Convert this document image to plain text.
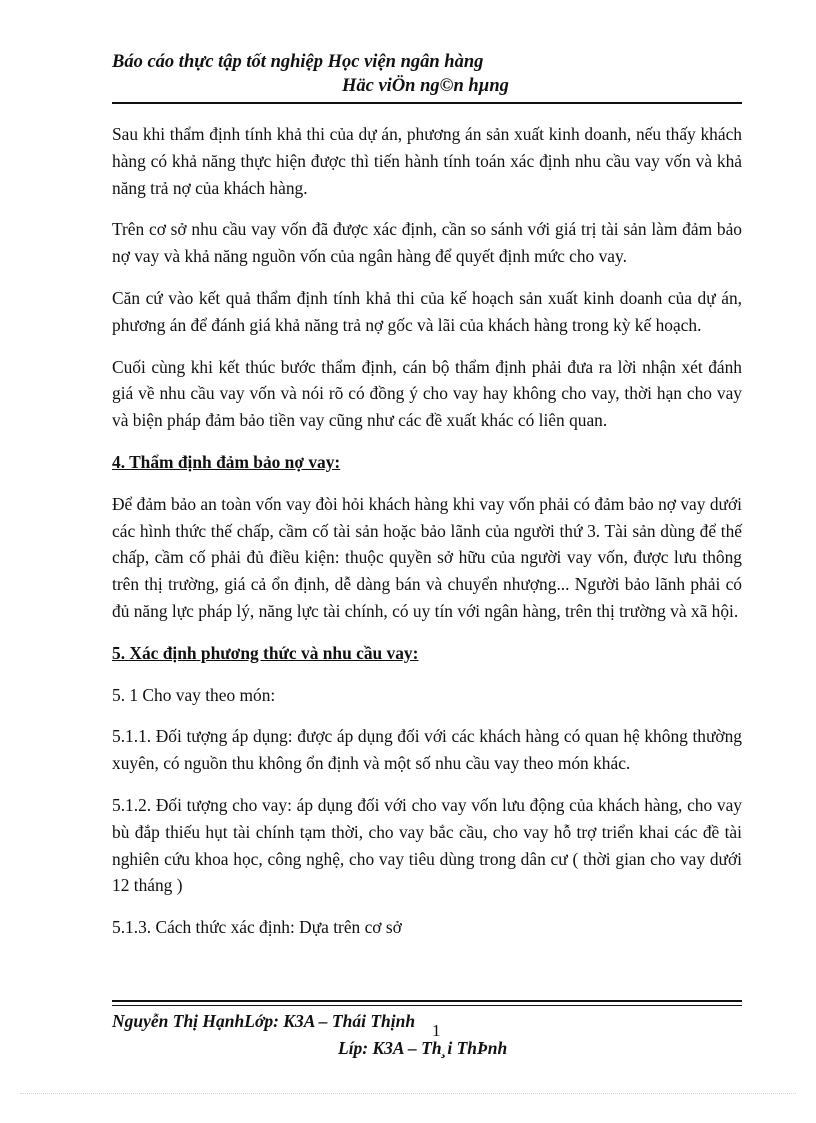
Báo cáo thực tập tốt nghiệp Học viện ngân hàng
Häc viÖn ng©n hµng

Sau khi thẩm định tính khả thi của dự án, phương án sản xuất kinh doanh, nếu thấy khách hàng có khả năng thực hiện được thì tiến hành tính toán xác định nhu cầu vay vốn và khả năng trả nợ của khách hàng.

Trên cơ sở nhu cầu vay vốn đã được xác định, cần so sánh với giá trị tài sản làm đảm bảo nợ vay và khả năng nguồn vốn của ngân hàng để quyết định mức cho vay.

Căn cứ vào kết quả thẩm định tính khả thi của kế hoạch sản xuất kinh doanh của dự án, phương án để đánh giá khả năng trả nợ gốc và lãi của khách hàng trong kỳ kế hoạch.

Cuối cùng khi kết thúc bước thẩm định, cán bộ thẩm định phải đưa ra lời nhận xét đánh giá về nhu cầu vay vốn và nói rõ có đồng ý cho vay hay không cho vay, thời hạn cho vay và biện pháp đảm bảo tiền vay cũng như các đề xuất khác có liên quan.

4. Thẩm định đảm bảo nợ vay:

Để đảm bảo an toàn vốn vay đòi hỏi khách hàng khi vay vốn phải có đảm bảo nợ vay dưới các hình thức thế chấp, cầm cố tài sản hoặc bảo lãnh của người thứ 3. Tài sản dùng để thế chấp, cầm cố phải đủ điều kiện: thuộc quyền sở hữu của người vay vốn, được lưu thông trên thị trường, giá cả ổn định, dễ dàng bán và chuyển nhượng... Người bảo lãnh phải có đủ năng lực pháp lý, năng lực tài chính, có uy tín với ngân hàng, trên thị trường và xã hội.

5. Xác định phương thức và nhu cầu vay:

5. 1 Cho vay theo món:

5.1.1. Đối tượng áp dụng: được áp dụng đối với các khách hàng có quan hệ không thường xuyên, có nguồn thu không ổn định và một số nhu cầu vay theo món khác.

5.1.2. Đối tượng cho vay: áp dụng đối với cho vay vốn lưu động của khách hàng, cho vay bù đắp thiếu hụt tài chính tạm thời, cho vay bắc cầu, cho vay hỗ trợ triển khai các đề tài nghiên cứu khoa học, công nghệ, cho vay tiêu dùng trong dân cư ( thời gian cho vay dưới 12 tháng )

5.1.3. Cách thức xác định: Dựa trên cơ sở

Nguyễn Thị HạnhLớp: K3A – Thái Thịnh 1
Líp: K3A – Th¸i ThÞnh
